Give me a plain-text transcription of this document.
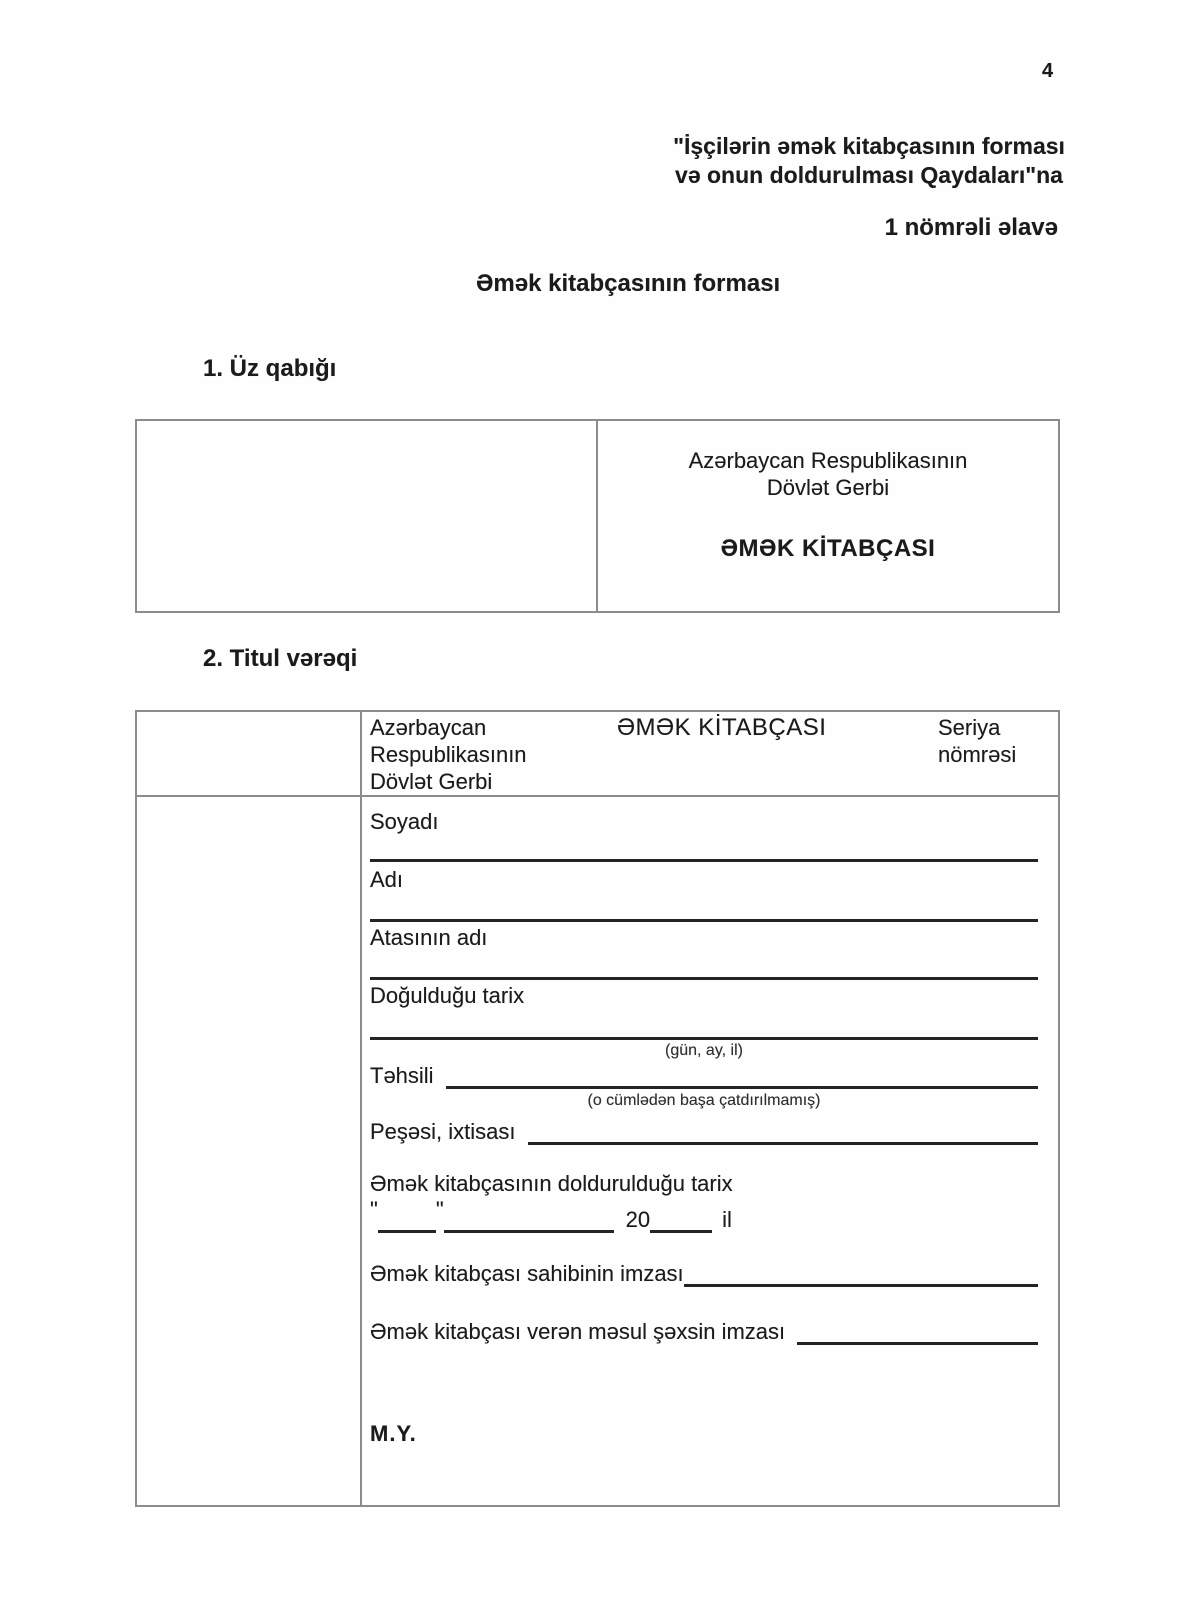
4
"İşçilərin əmək kitabçasının forması
və onun doldurulması Qaydaları"na
1 nömrəli əlavə
Əmək kitabçasının forması
1. Üz qabığı
Azərbaycan Respublikasının Dövlət Gerbi
ƏMƏK KİTABÇASI
2. Titul vərəqi
Azərbaycan Respublikasının Dövlət Gerbi
ƏMƏK KİTABÇASI	Seriya nömrəsi
Soyadı
Adı
Atasının adı
Doğulduğu tarix
(gün, ay, il)
Təhsili
(o cümlədən başa çatdırılmamış)
Peşəsi, ixtisası
Əmək kitabçasının doldurulduğu tarix
"	"	20	il
Əmək kitabçası sahibinin imzası
Əmək kitabçası verən məsul şəxsin imzası
M.Y.
